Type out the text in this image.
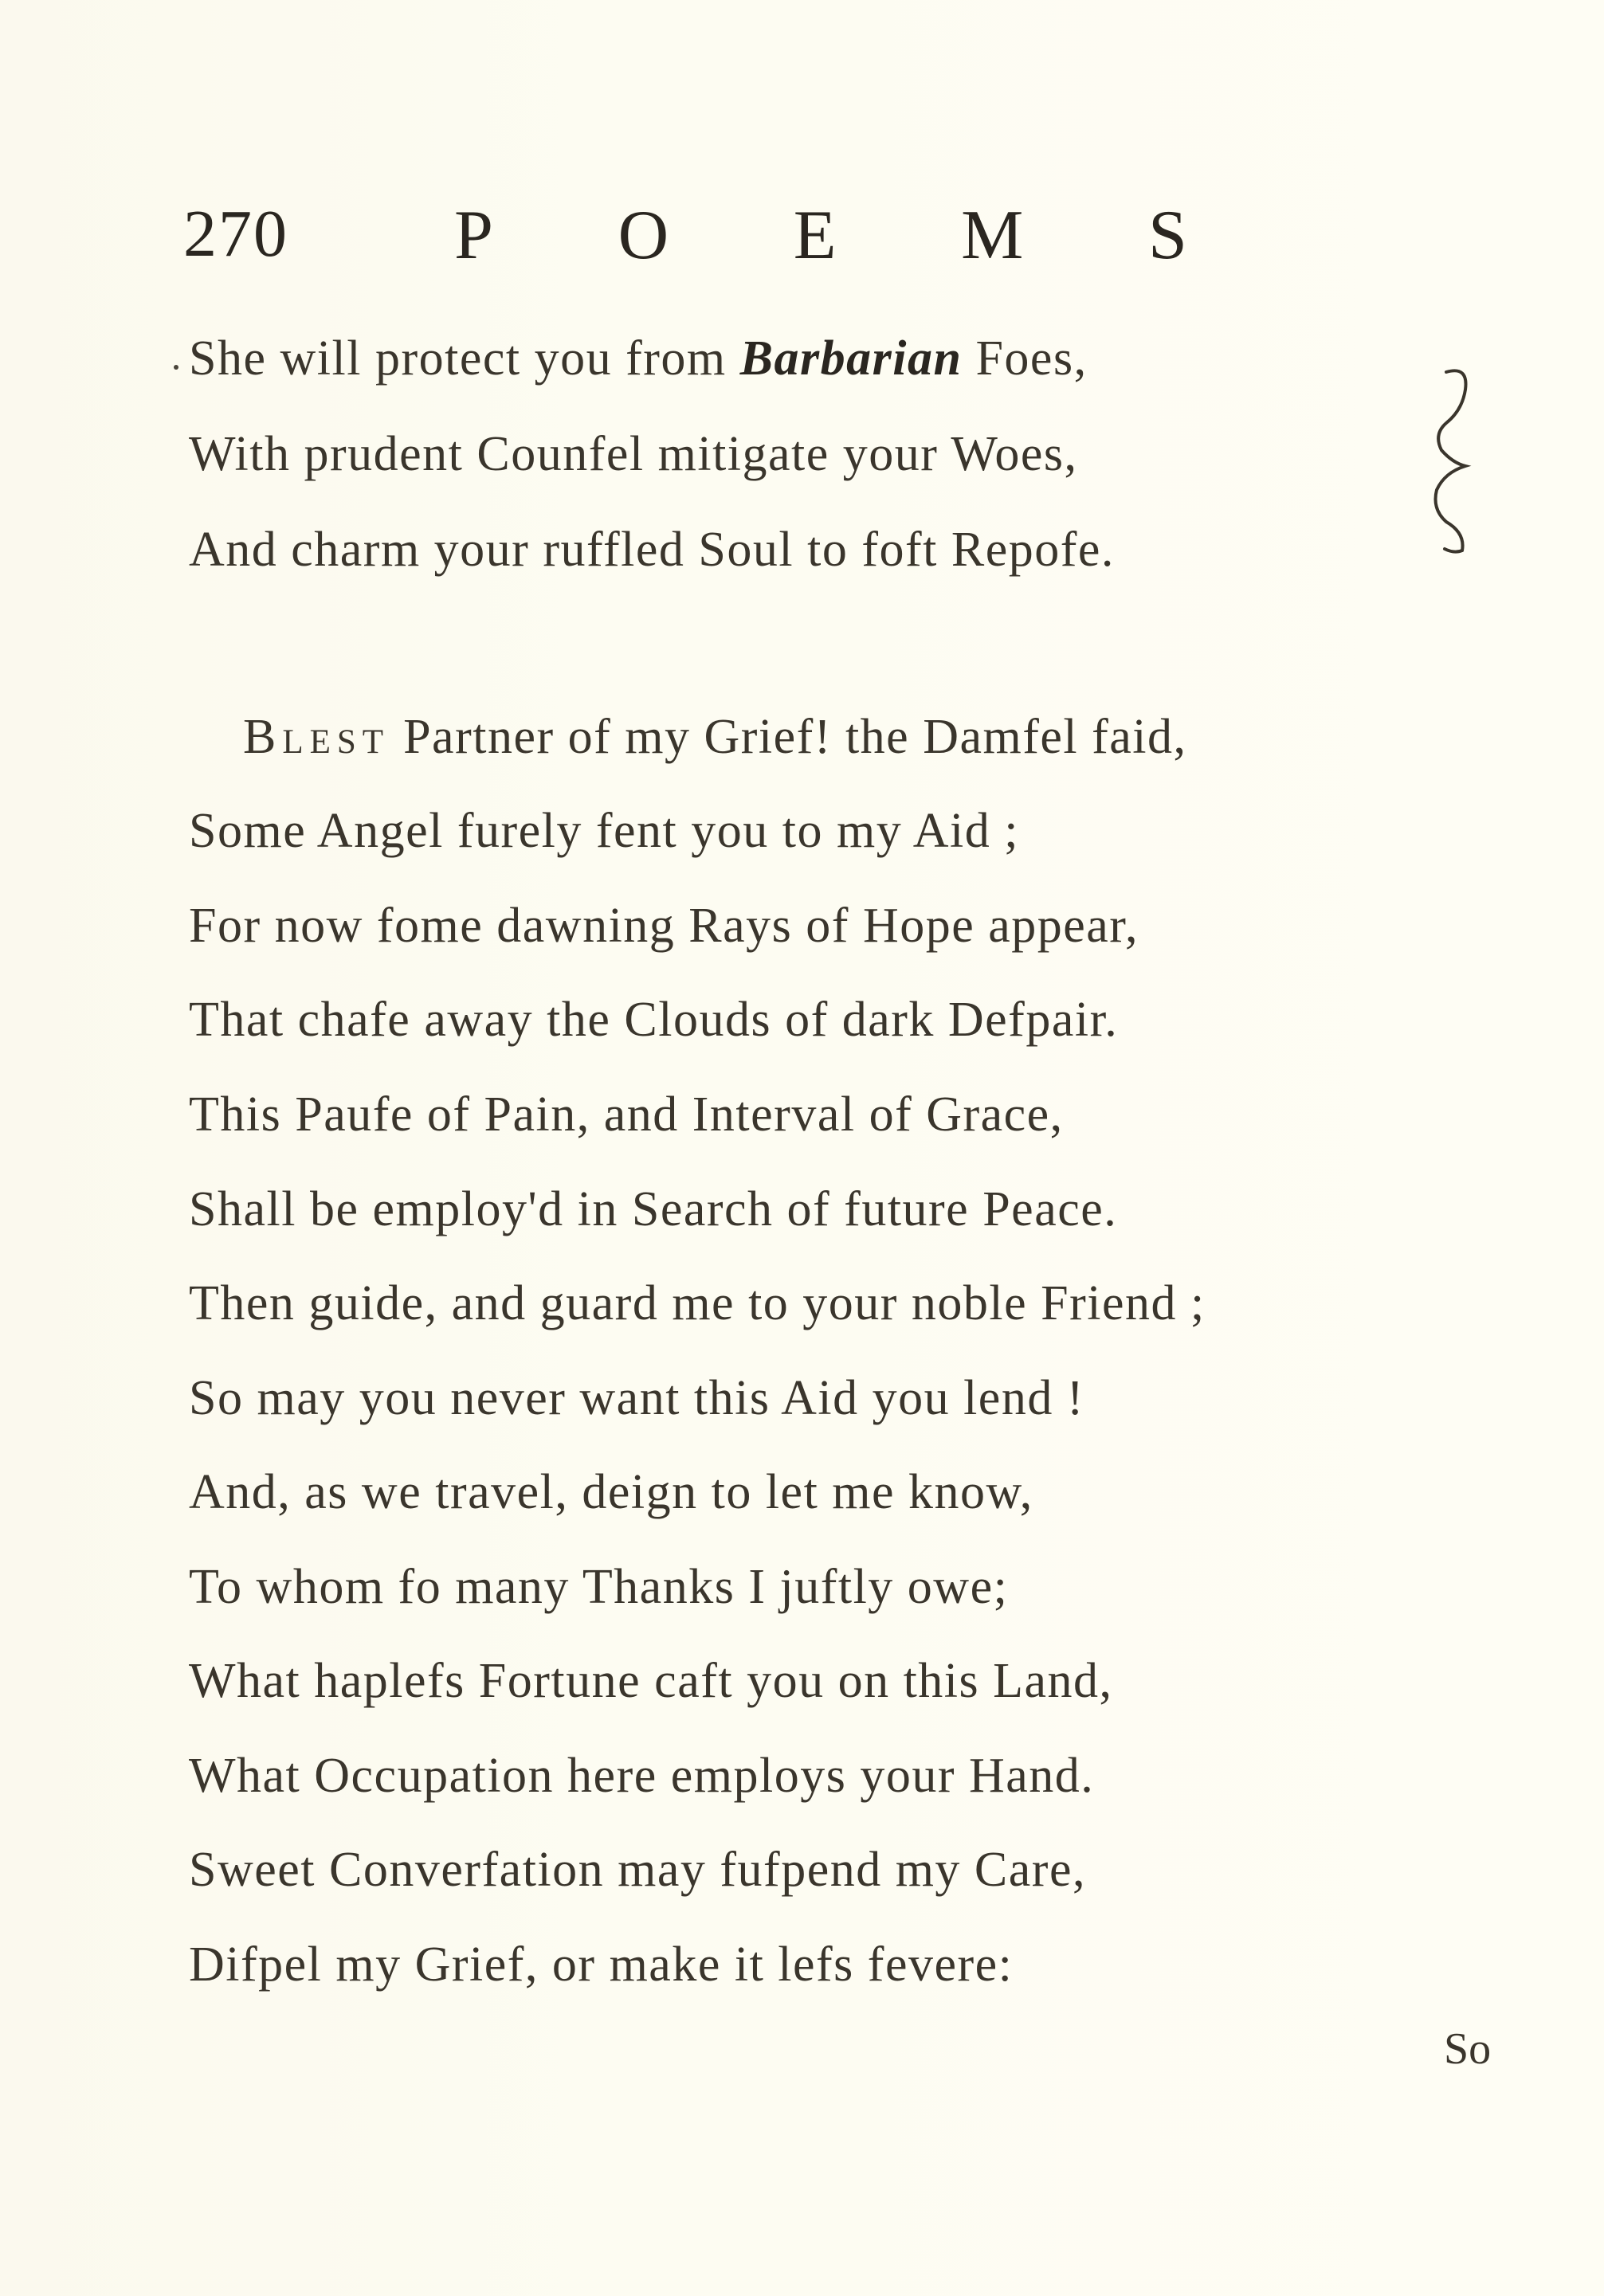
270 P O E M S
She will protect you from Barbarian Foes,
With prudent Counfel mitigate your Woes,
And charm your ruffled Soul to foft Repofe.
Blest Partner of my Grief! the Damfel faid,
Some Angel furely fent you to my Aid ;
For now fome dawning Rays of Hope appear,
That chafe away the Clouds of dark Defpair.
This Paufe of Pain, and Interval of Grace,
Shall be employ'd in Search of future Peace.
Then guide, and guard me to your noble Friend ;
So may you never want this Aid you lend !
And, as we travel, deign to let me know,
To whom fo many Thanks I juftly owe;
What haplefs Fortune caft you on this Land,
What Occupation here employs your Hand.
Sweet Converfation may fufpend my Care,
Difpel my Grief, or make it lefs fevere:
So
